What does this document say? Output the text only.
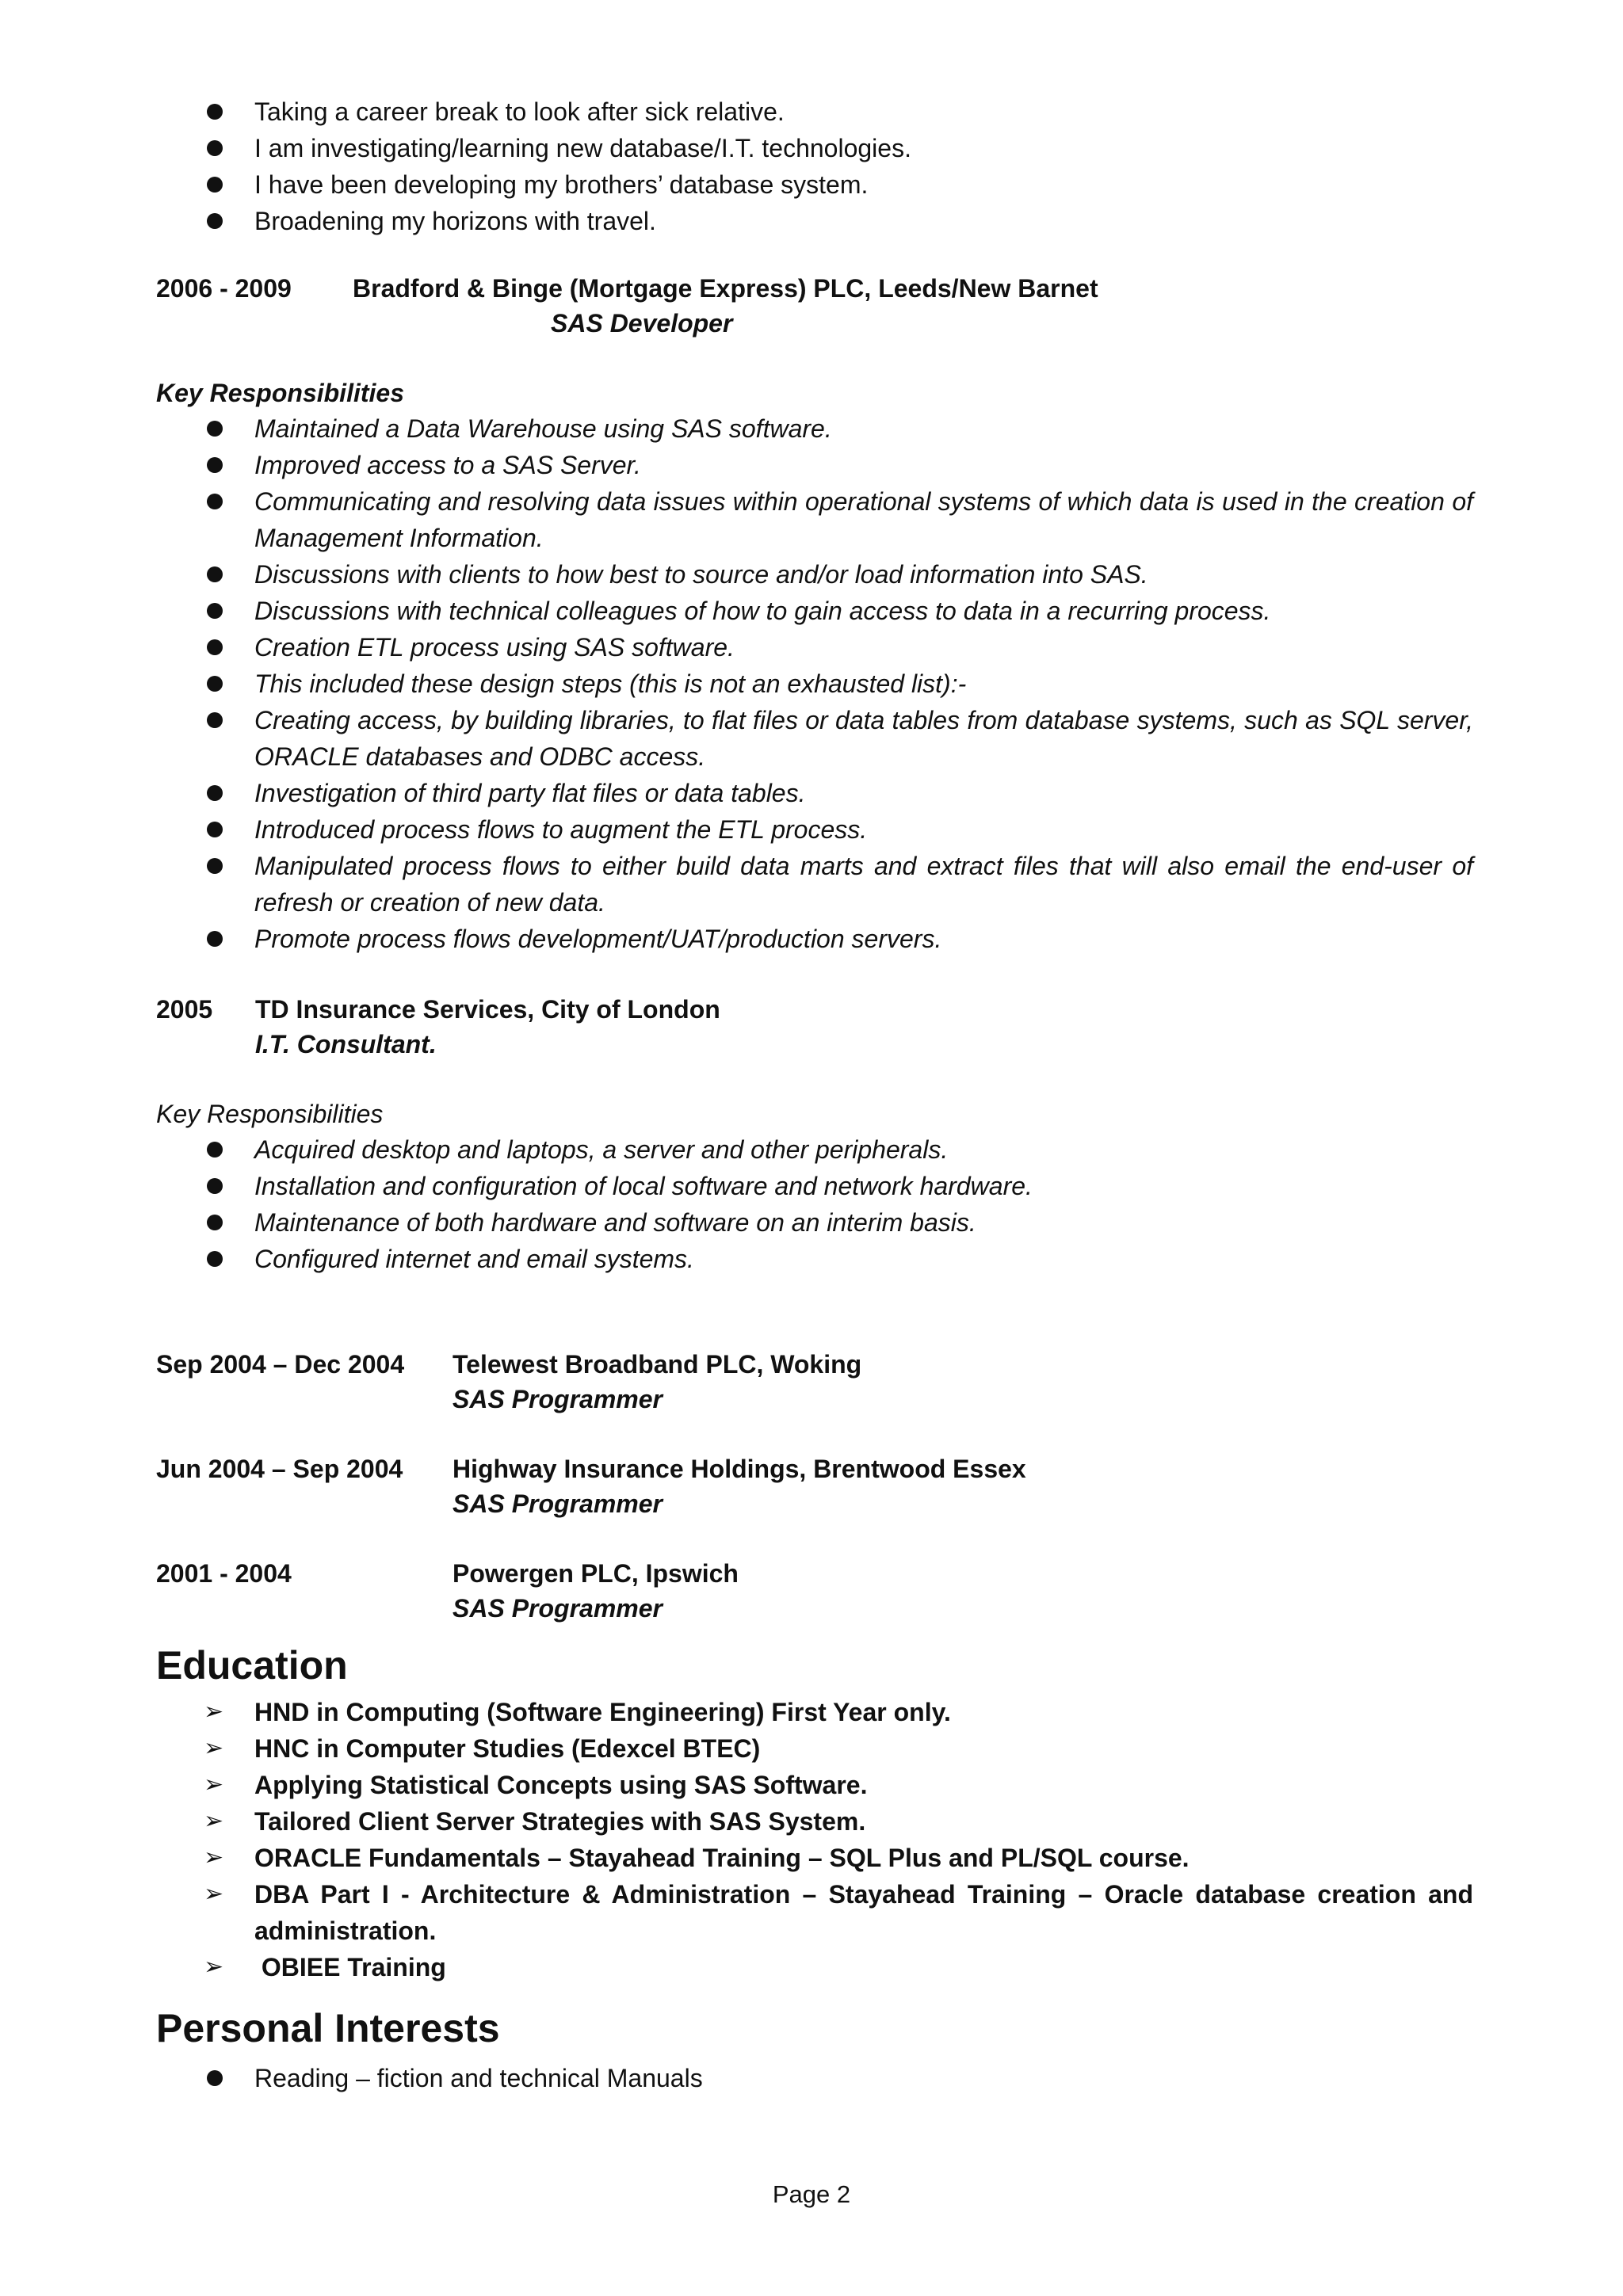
Taking a career break to look after sick relative.
I am investigating/learning new database/I.T. technologies.
I have been developing my brothers’ database system.
Broadening my horizons with travel.
2006 - 2009	Bradford & Binge (Mortgage Express) PLC, Leeds/New Barnet
SAS Developer
Key Responsibilities
Maintained a Data Warehouse using SAS software.
Improved access to a SAS Server.
Communicating and resolving data issues within operational systems of which data is used in the creation of Management Information.
Discussions with clients to how best to source and/or load information into SAS.
Discussions with technical colleagues of how to gain access to data in a recurring process.
Creation ETL process using SAS software.
This included these design steps (this is not an exhausted list):-
Creating access, by building libraries, to flat files or data tables from database systems, such as SQL server, ORACLE databases and ODBC access.
Investigation of third party flat files or data tables.
Introduced process flows to augment the ETL process.
Manipulated process flows to either build data marts and extract files that will also email the end-user of refresh or creation of new data.
Promote process flows development/UAT/production servers.
2005	TD Insurance Services, City of London
I.T. Consultant.
Key Responsibilities
Acquired desktop and laptops, a server and other peripherals.
Installation and configuration of local software and network hardware.
Maintenance of both hardware and software on an interim basis.
Configured internet and email systems.
Sep 2004 – Dec 2004	Telewest Broadband PLC, Woking
SAS Programmer
Jun 2004 – Sep 2004	Highway Insurance Holdings, Brentwood Essex
SAS Programmer
2001 - 2004	Powergen PLC, Ipswich
SAS Programmer
Education
➢ HND in Computing (Software Engineering) First Year only.
➢ HNC in Computer Studies (Edexcel BTEC)
➢ Applying Statistical Concepts using SAS Software.
➢ Tailored Client Server Strategies with SAS System.
➢ ORACLE Fundamentals – Stayahead Training – SQL Plus and PL/SQL course.
➢ DBA Part I - Architecture & Administration – Stayahead Training – Oracle database creation and administration.
➢  OBIEE Training
Personal Interests
Reading – fiction and technical Manuals
Page 2
